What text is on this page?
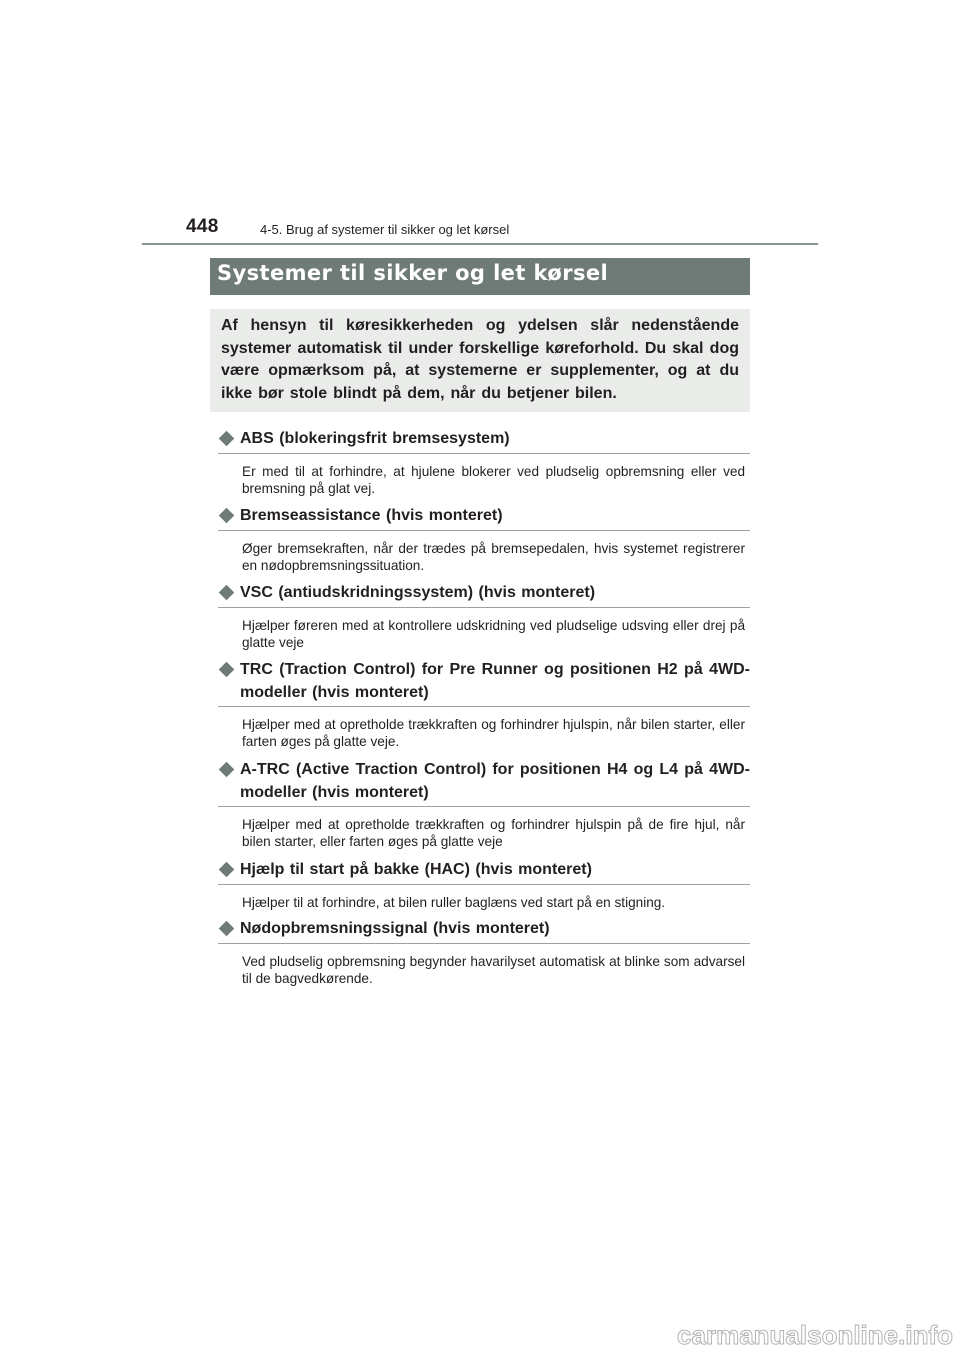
448	4-5. Brug af systemer til sikker og let kørsel
Systemer til sikker og let kørsel

Af hensyn til køresikkerheden og ydelsen slår nedenstående systemer automatisk til under forskellige køreforhold. Du skal dog være opmærksom på, at systemerne er supplementer, og at du ikke bør stole blindt på dem, når du betjener bilen.

ABS (blokeringsfrit bremsesystem)
Er med til at forhindre, at hjulene blokerer ved pludselig opbremsning eller ved bremsning på glat vej.
Bremseassistance (hvis monteret)
Øger bremsekraften, når der trædes på bremsepedalen, hvis systemet registrerer en nødopbremsningssituation.
VSC (antiudskridningssystem) (hvis monteret)
Hjælper føreren med at kontrollere udskridning ved pludselige udsving eller drej på glatte veje
TRC (Traction Control) for Pre Runner og positionen H2 på 4WD-modeller (hvis monteret)
Hjælper med at opretholde trækkraften og forhindrer hjulspin, når bilen starter, eller farten øges på glatte veje.
A-TRC (Active Traction Control) for positionen H4 og L4 på 4WD-modeller (hvis monteret)
Hjælper med at opretholde trækkraften og forhindrer hjulspin på de fire hjul, når bilen starter, eller farten øges på glatte veje
Hjælp til start på bakke (HAC) (hvis monteret)
Hjælper til at forhindre, at bilen ruller baglæns ved start på en stigning.
Nødopbremsningssignal (hvis monteret)
Ved pludselig opbremsning begynder havarilyset automatisk at blinke som advarsel til de bagvedkørende.
carmanualsonline.info
